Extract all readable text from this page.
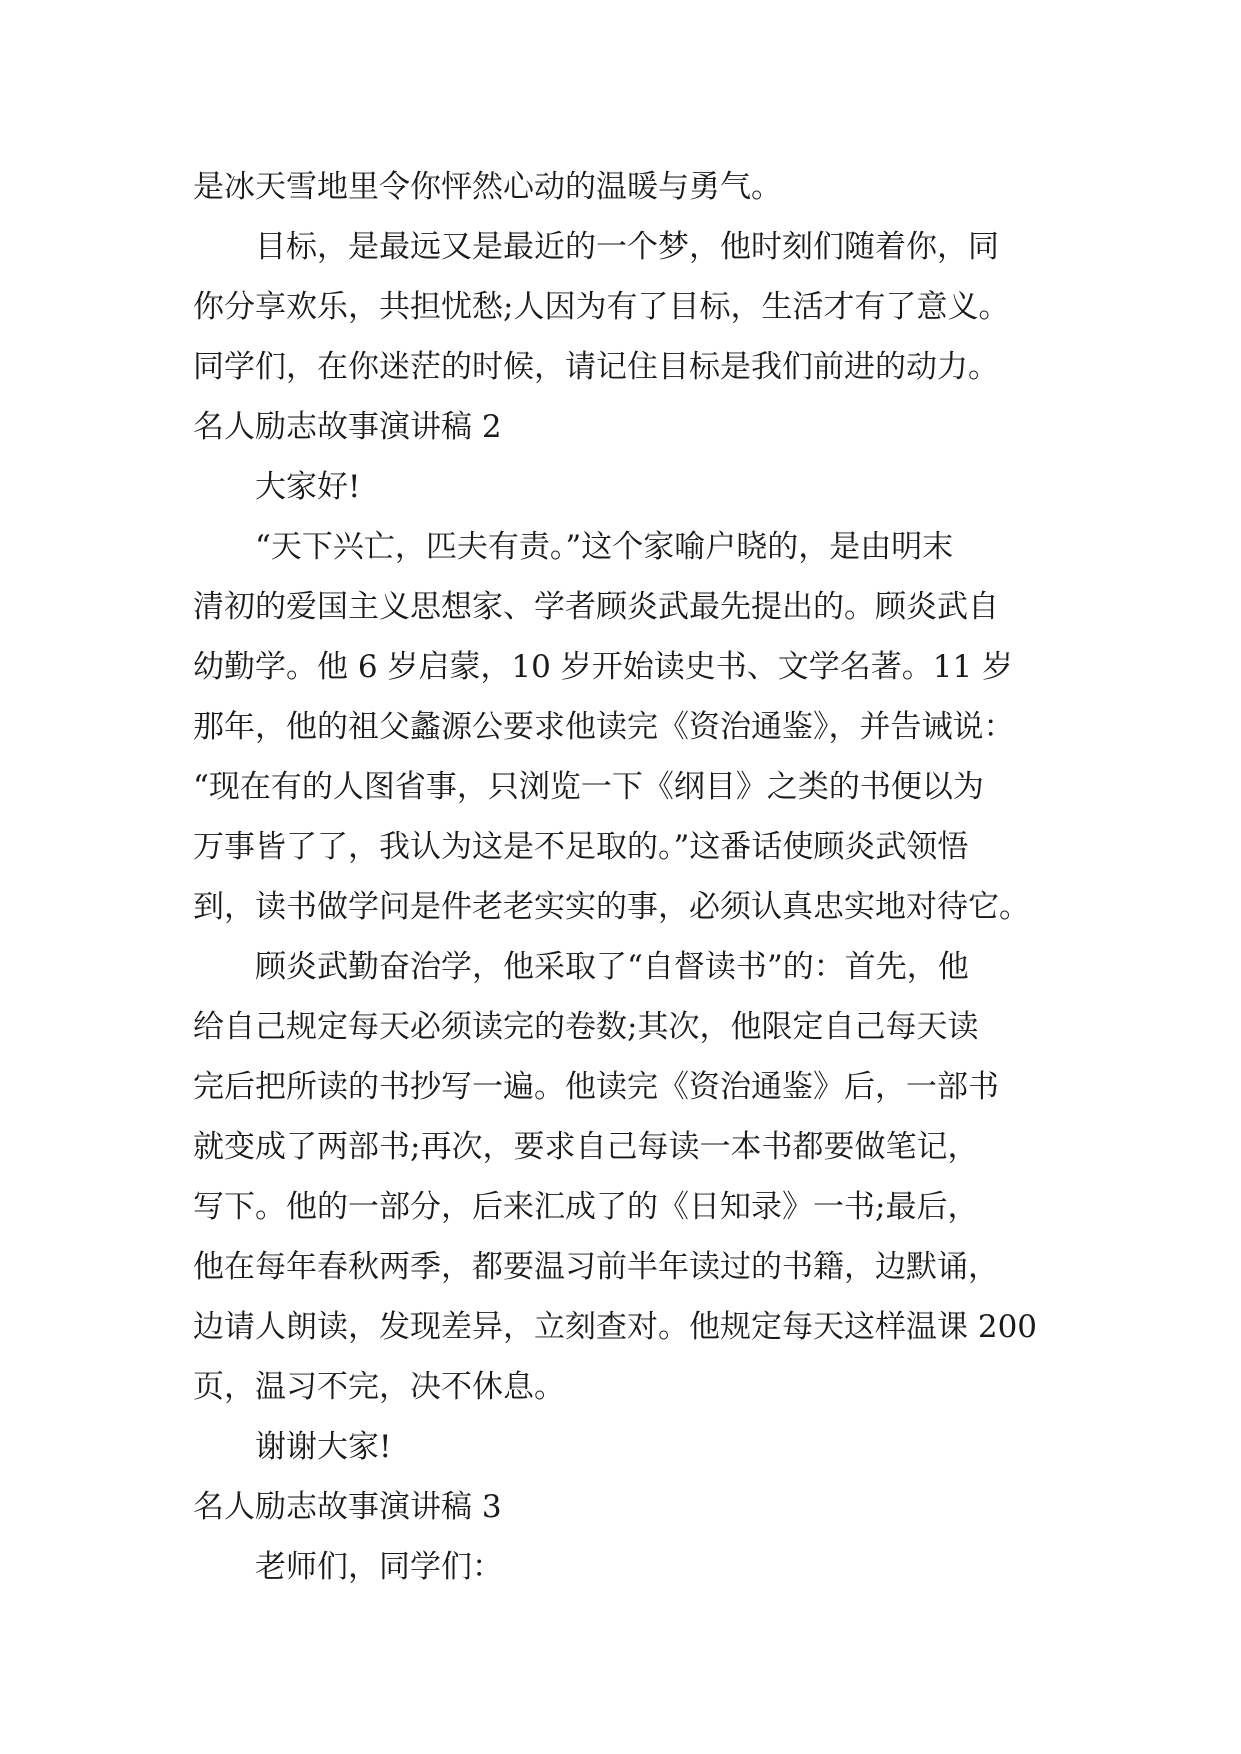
是冰天雪地里令你怦然心动的温暖与勇气。
目标，是最远又是最近的一个梦，他时刻们随着你，同
你分享欢乐，共担忧愁;人因为有了目标，生活才有了意义。
同学们，在你迷茫的时候，请记住目标是我们前进的动力。
名人励志故事演讲稿 2
大家好!
“天下兴亡，匹夫有责。”这个家喻户晓的，是由明末
清初的爱国主义思想家、学者顾炎武最先提出的。顾炎武自
幼勤学。他 6 岁启蒙，10 岁开始读史书、文学名著。11 岁
那年，他的祖父蠡源公要求他读完《资治通鉴》，并告诫说：
“现在有的人图省事，只浏览一下《纲目》之类的书便以为
万事皆了了，我认为这是不足取的。”这番话使顾炎武领悟
到，读书做学问是件老老实实的事，必须认真忠实地对待它。
顾炎武勤奋治学，他采取了“自督读书”的：首先，他
给自己规定每天必须读完的卷数;其次，他限定自己每天读
完后把所读的书抄写一遍。他读完《资治通鉴》后，一部书
就变成了两部书;再次，要求自己每读一本书都要做笔记，
写下。他的一部分，后来汇成了的《日知录》一书;最后，
他在每年春秋两季，都要温习前半年读过的书籍，边默诵，
边请人朗读，发现差异，立刻查对。他规定每天这样温课 200
页，温习不完，决不休息。
谢谢大家!
名人励志故事演讲稿 3
老师们，同学们：
